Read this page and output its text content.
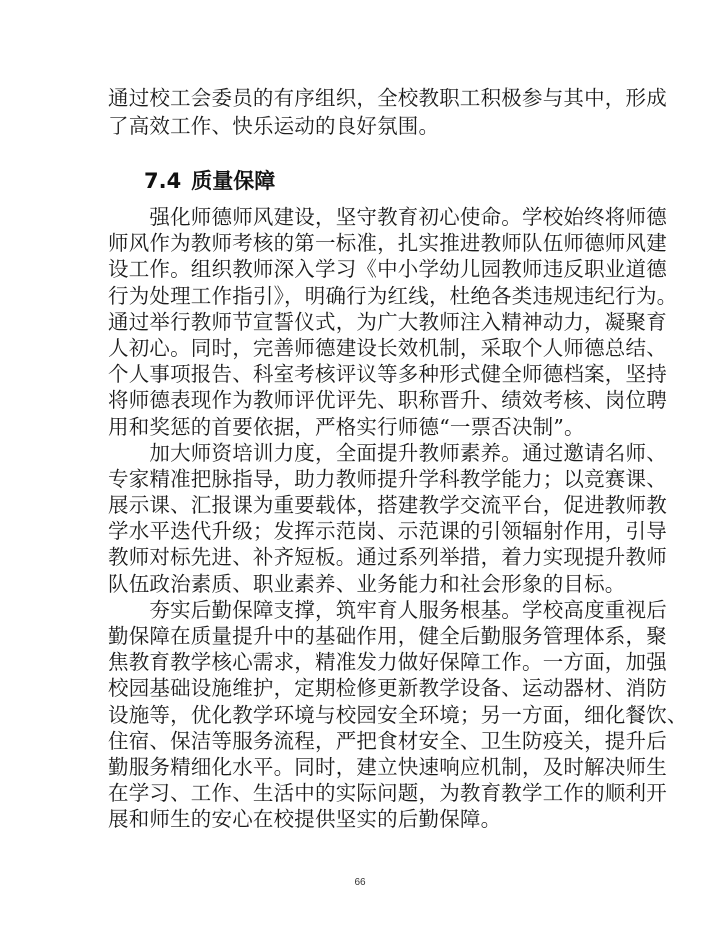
通过校工会委员的有序组织，全校教职工积极参与其中，形成
了高效工作、快乐运动的良好氛围。
7.4 质量保障
　　强化师德师风建设，坚守教育初心使命。学校始终将师德
师风作为教师考核的第一标准，扎实推进教师队伍师德师风建
设工作。组织教师深入学习《中小学幼儿园教师违反职业道德
行为处理工作指引》，明确行为红线，杜绝各类违规违纪行为。
通过举行教师节宣誓仪式，为广大教师注入精神动力，凝聚育
人初心。同时，完善师德建设长效机制，采取个人师德总结、
个人事项报告、科室考核评议等多种形式健全师德档案，坚持
将师德表现作为教师评优评先、职称晋升、绩效考核、岗位聘
用和奖惩的首要依据，严格实行师德“一票否决制”。
　　加大师资培训力度，全面提升教师素养。通过邀请名师、
专家精准把脉指导，助力教师提升学科教学能力；以竞赛课、
展示课、汇报课为重要载体，搭建教学交流平台，促进教师教
学水平迭代升级；发挥示范岗、示范课的引领辐射作用，引导
教师对标先进、补齐短板。通过系列举措，着力实现提升教师
队伍政治素质、职业素养、业务能力和社会形象的目标。
　　夯实后勤保障支撑，筑牢育人服务根基。学校高度重视后
勤保障在质量提升中的基础作用，健全后勤服务管理体系，聚
焦教育教学核心需求，精准发力做好保障工作。一方面，加强
校园基础设施维护，定期检修更新教学设备、运动器材、消防
设施等，优化教学环境与校园安全环境；另一方面，细化餐饮、
住宿、保洁等服务流程，严把食材安全、卫生防疫关，提升后
勤服务精细化水平。同时，建立快速响应机制，及时解决师生
在学习、工作、生活中的实际问题，为教育教学工作的顺利开
展和师生的安心在校提供坚实的后勤保障。
66
